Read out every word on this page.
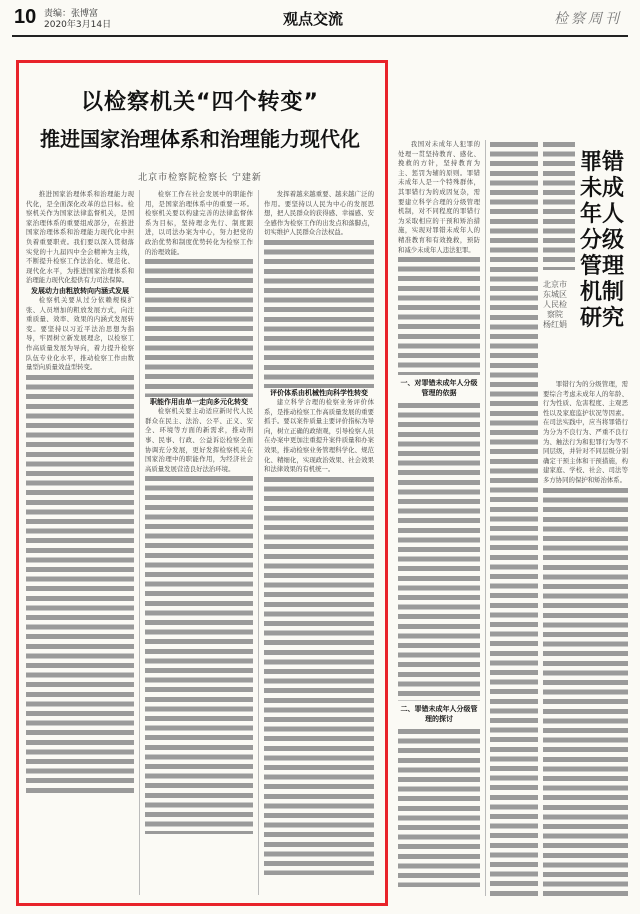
10 责编：张博富
2020年3月14日	观点交流	检察周刊
以检察机关“四个转变”
推进国家治理体系和治理能力现代化
北京市检察院检察长 宁建新

推进国家治理体系和治理能力现代化，是全面深化改革的总目标。检察机关作为国家法律监督机关，是国家治理体系的重要组成部分，在推进国家治理体系和治理能力现代化中担负着重要职责。我们要以深入贯彻落实党的十九届四中全会精神为主线，不断提升检察工作法治化、规范化、现代化水平，为推进国家治理体系和治理能力现代化提供有力司法保障。

发展动力由粗放转向内涵式发展

检察机关要从过分依赖规模扩张、人员增加的粗放发展方式，向注重质量、效率、效果的内涵式发展转变。要坚持以习近平法治思想为指导，牢固树立新发展理念，以检察工作高质量发展为导向，着力提升检察队伍专业化水平，推动检察工作由数量型向质量效益型转变。

检察工作在社会发展中的职能作用，是国家治理体系中的重要一环。检察机关要以构建完善的法律监督体系为目标，坚持理念先行、制度跟进，以司法办案为中心，努力把党的政治优势和制度优势转化为检察工作的治理效能。

职能作用由单一走向多元化转变

检察机关要主动适应新时代人民群众在民主、法治、公平、正义、安全、环境等方面的新需求，推动刑事、民事、行政、公益诉讼检察全面协调充分发展，更好发挥检察机关在国家治理中的职能作用，为经济社会高质量发展营造良好法治环境。

发挥着越来越重要、越来越广泛的作用。要坚持以人民为中心的发展思想，把人民群众的获得感、幸福感、安全感作为检察工作的出发点和落脚点，切实维护人民群众合法权益。

评价体系由机械性向科学性转变

建立科学合理的检察业务评价体系，是推动检察工作高质量发展的重要抓手。要以案件质量主要评价指标为导向，树立正确的政绩观，引导检察人员在办案中更加注重提升案件质量和办案效果，推动检察业务管理科学化、规范化、精细化，实现政治效果、社会效果和法律效果的有机统一。

我国对未成年人犯罪的处理一贯坚持教育、感化、挽救的方针，坚持教育为主、惩罚为辅的原则。罪错未成年人是一个特殊群体，其罪错行为的成因复杂，需要建立科学合理的分级管理机制，对不同程度的罪错行为采取相应的干预和矫治措施，实现对罪错未成年人的精准教育和有效挽救，预防和减少未成年人违法犯罪。

一、对罪错未成年人分级管理的依据

二、罪错未成年人分级管理的探讨

北京市东城区人民检察院 杨红娟
罪错未成年人分级管理机制研究

罪错行为的分级管理，需要综合考虑未成年人的年龄、行为性质、危害程度、主观恶性以及家庭监护状况等因素。在司法实践中，应当将罪错行为分为不良行为、严重不良行为、触法行为和犯罪行为等不同层级，并针对不同层级分别确定干预主体和干预措施，构建家庭、学校、社会、司法等多方协同的保护和矫治体系。
